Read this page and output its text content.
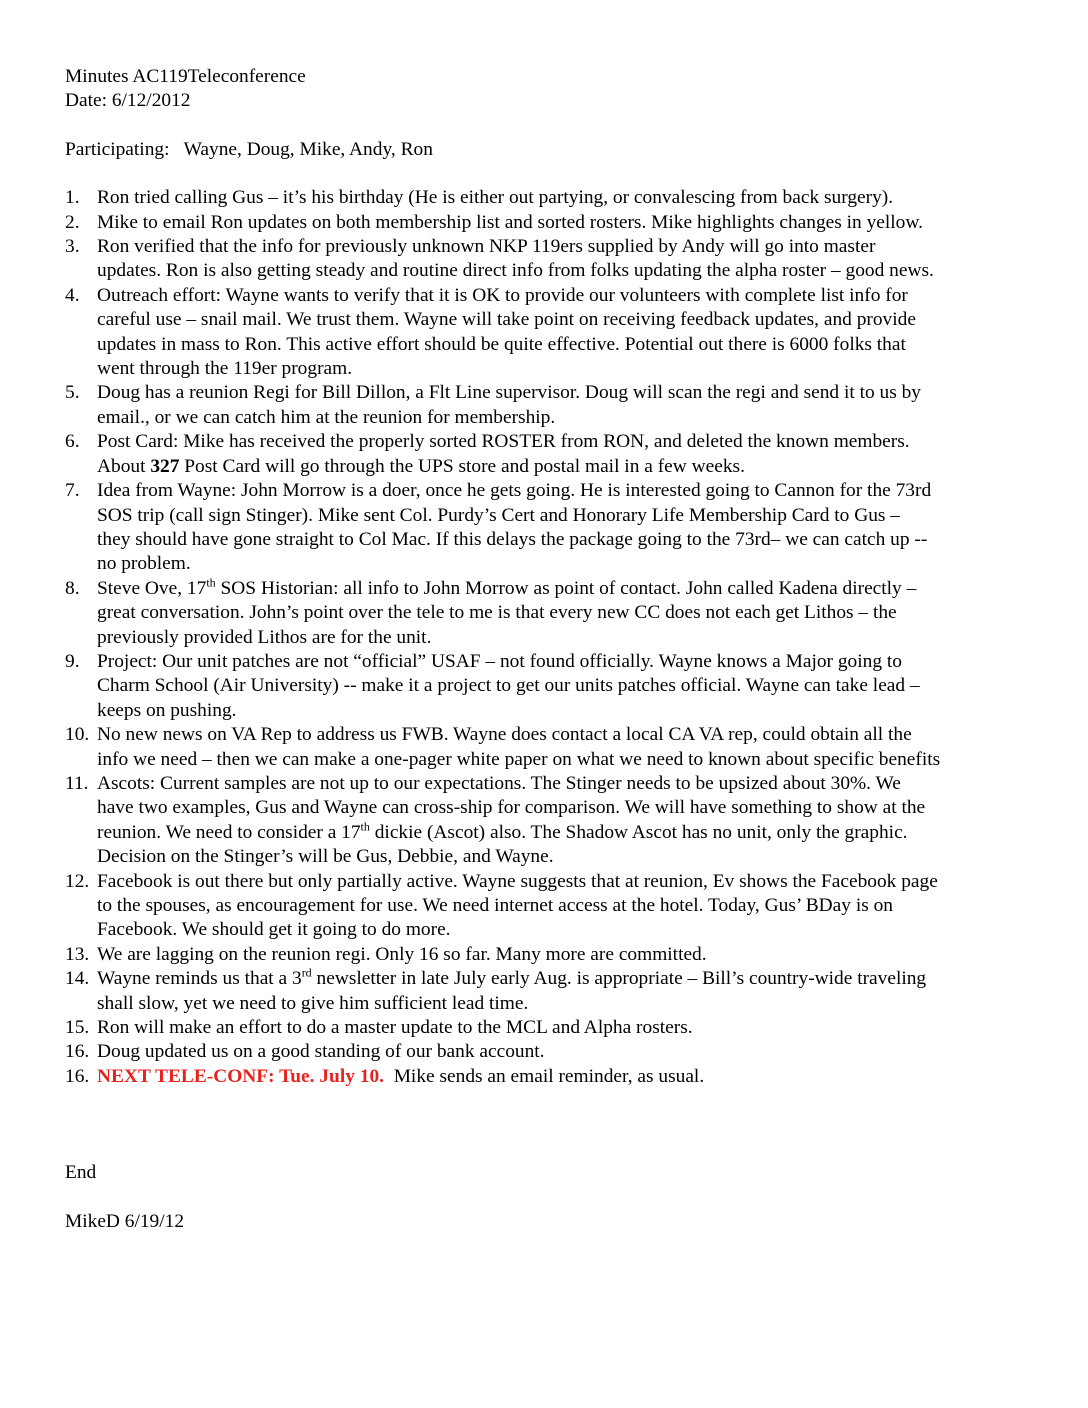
Minutes AC119Teleconference
Date: 6/12/2012
Participating:   Wayne, Doug, Mike, Andy, Ron
1. Ron tried calling Gus – it’s his birthday (He is either out partying, or convalescing from back surgery).
2. Mike to email Ron updates on both membership list and sorted rosters. Mike highlights changes in yellow.
3. Ron verified that the info for previously unknown NKP 119ers supplied by Andy will go into master
updates. Ron is also getting steady and routine direct info from folks updating the alpha roster – good news.
4. Outreach effort: Wayne wants to verify that it is OK to provide our volunteers with complete list info for
careful use – snail mail. We trust them. Wayne will take point on receiving feedback updates, and provide
updates in mass to Ron. This active effort should be quite effective. Potential out there is 6000 folks that
went through the 119er program.
5. Doug has a reunion Regi for Bill Dillon, a Flt Line supervisor. Doug will scan the regi and send it to us by
email., or we can catch him at the reunion for membership.
6. Post Card: Mike has received the properly sorted ROSTER from RON, and deleted the known members.
About 327 Post Card will go through the UPS store and postal mail in a few weeks.
7. Idea from Wayne: John Morrow is a doer, once he gets going. He is interested going to Cannon for the 73rd
SOS trip (call sign Stinger). Mike sent Col. Purdy’s Cert and Honorary Life Membership Card to Gus –
they should have gone straight to Col Mac. If this delays the package going to the 73rd– we can catch up --
no problem.
8. Steve Ove, 17th SOS Historian: all info to John Morrow as point of contact. John called Kadena directly –
great conversation. John’s point over the tele to me is that every new CC does not each get Lithos – the
previously provided Lithos are for the unit.
9. Project: Our unit patches are not “official” USAF – not found officially. Wayne knows a Major going to
Charm School (Air University) -- make it a project to get our units patches official. Wayne can take lead –
keeps on pushing.
10. No new news on VA Rep to address us FWB. Wayne does contact a local CA VA rep, could obtain all the
info we need – then we can make a one-pager white paper on what we need to known about specific benefits
11. Ascots: Current samples are not up to our expectations. The Stinger needs to be upsized about 30%. We
have two examples, Gus and Wayne can cross-ship for comparison. We will have something to show at the
reunion. We need to consider a 17th dickie (Ascot) also. The Shadow Ascot has no unit, only the graphic.
Decision on the Stinger’s will be Gus, Debbie, and Wayne.
12. Facebook is out there but only partially active. Wayne suggests that at reunion, Ev shows the Facebook page
to the spouses, as encouragement for use. We need internet access at the hotel. Today, Gus’ BDay is on
Facebook. We should get it going to do more.
13. We are lagging on the reunion regi. Only 16 so far. Many more are committed.
14. Wayne reminds us that a 3rd newsletter in late July early Aug. is appropriate – Bill’s country-wide traveling
shall slow, yet we need to give him sufficient lead time.
15. Ron will make an effort to do a master update to the MCL and Alpha rosters.
16. Doug updated us on a good standing of our bank account.
16. NEXT TELE-CONF: Tue. July 10.  Mike sends an email reminder, as usual.
End
MikeD 6/19/12
